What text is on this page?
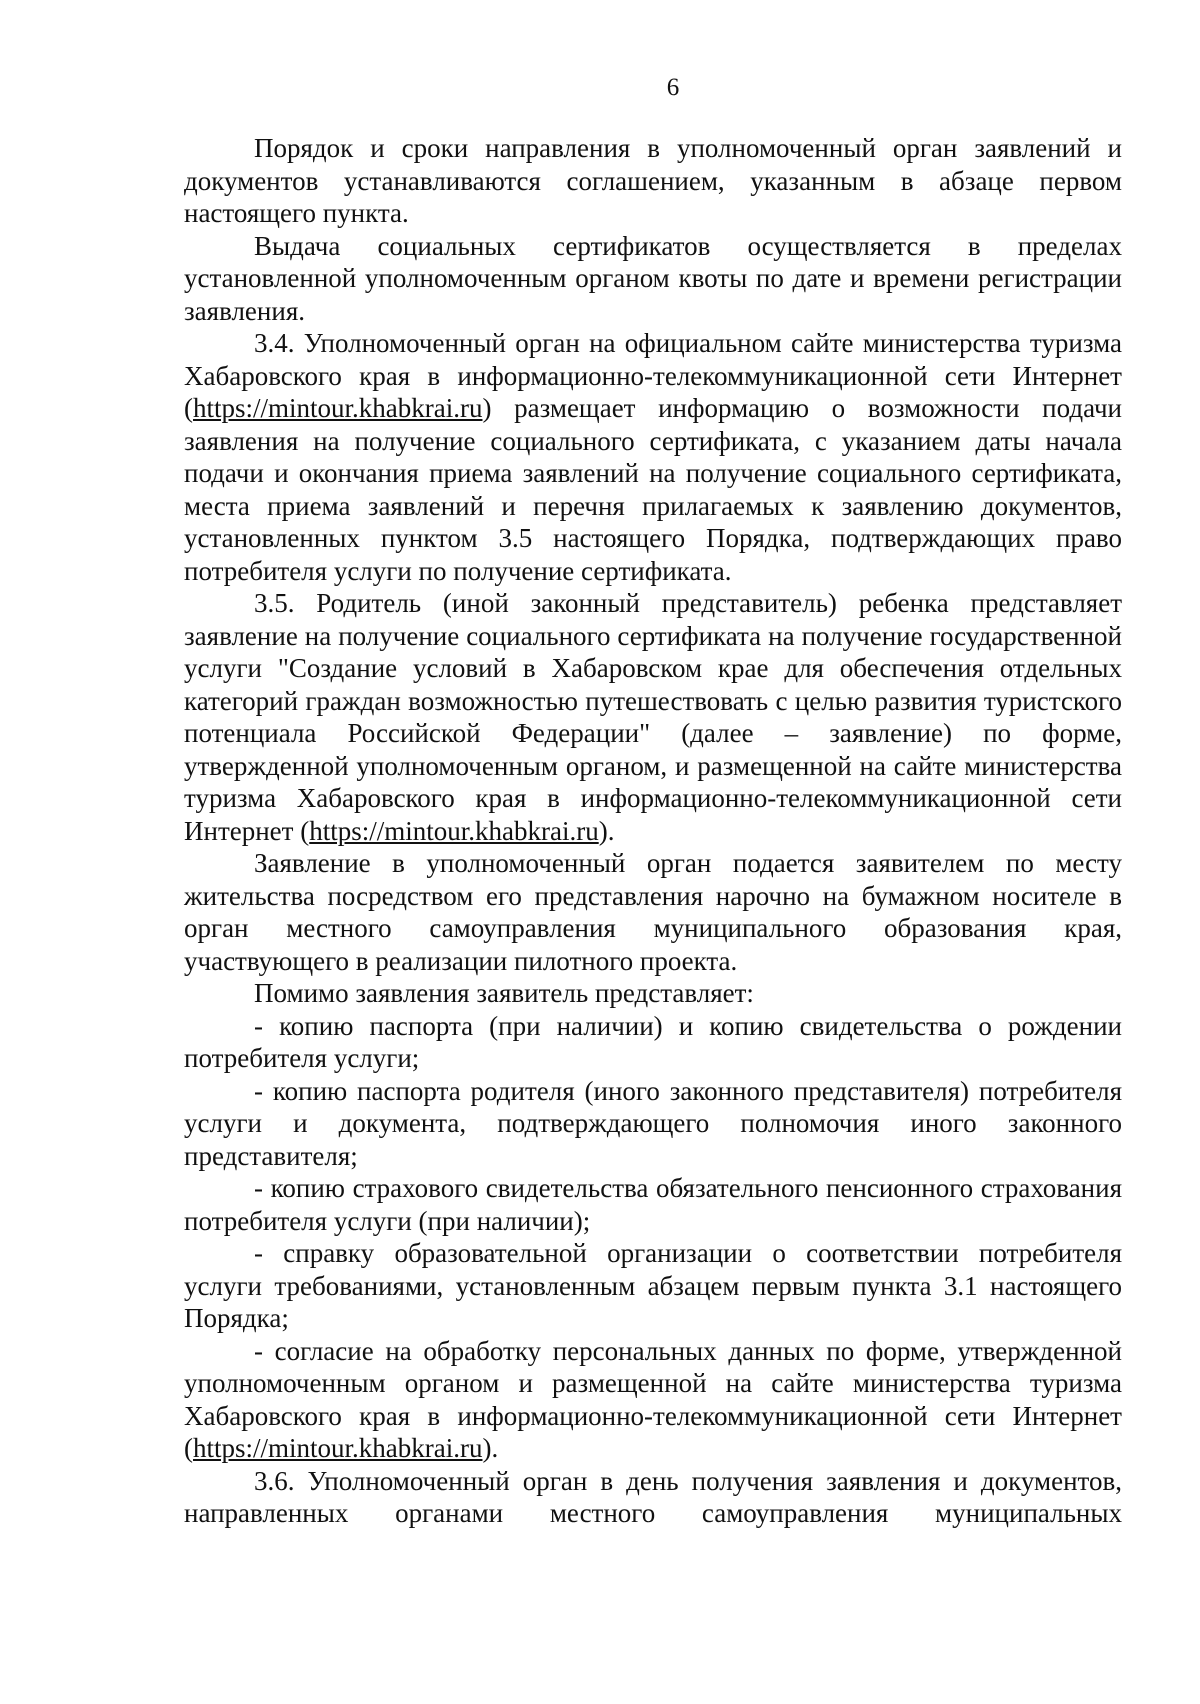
6

Порядок и сроки направления в уполномоченный орган заявлений и документов устанавливаются соглашением, указанным в абзаце первом настоящего пункта.

Выдача социальных сертификатов осуществляется в пределах установленной уполномоченным органом квоты по дате и времени регистрации заявления.

3.4. Уполномоченный орган на официальном сайте министерства туризма Хабаровского края в информационно-телекоммуникационной сети Интернет (https://mintour.khabkrai.ru) размещает информацию о возможности подачи заявления на получение социального сертификата, с указанием даты начала подачи и окончания приема заявлений на получение социального сертификата, места приема заявлений и перечня прилагаемых к заявлению документов, установленных пунктом 3.5 настоящего Порядка, подтверждающих право потребителя услуги по получение сертификата.

3.5. Родитель (иной законный представитель) ребенка представляет заявление на получение социального сертификата на получение государственной услуги "Создание условий в Хабаровском крае для обеспечения отдельных категорий граждан возможностью путешествовать с целью развития туристского потенциала Российской Федерации" (далее – заявление) по форме, утвержденной уполномоченным органом, и размещенной на сайте министерства туризма Хабаровского края в информационно-телекоммуникационной сети Интернет (https://mintour.khabkrai.ru).

Заявление в уполномоченный орган подается заявителем по месту жительства посредством его представления нарочно на бумажном носителе в орган местного самоуправления муниципального образования края, участвующего в реализации пилотного проекта.

Помимо заявления заявитель представляет:

- копию паспорта (при наличии) и копию свидетельства о рождении потребителя услуги;

- копию паспорта родителя (иного законного представителя) потребителя услуги и документа, подтверждающего полномочия иного законного представителя;

- копию страхового свидетельства обязательного пенсионного страхования потребителя услуги (при наличии);

- справку образовательной организации о соответствии потребителя услуги требованиями, установленным абзацем первым пункта 3.1 настоящего Порядка;

- согласие на обработку персональных данных по форме, утвержденной уполномоченным органом и размещенной на сайте министерства туризма Хабаровского края в информационно-телекоммуникационной сети Интернет (https://mintour.khabkrai.ru).

3.6. Уполномоченный орган в день получения заявления и документов, направленных органами местного самоуправления муниципальных
